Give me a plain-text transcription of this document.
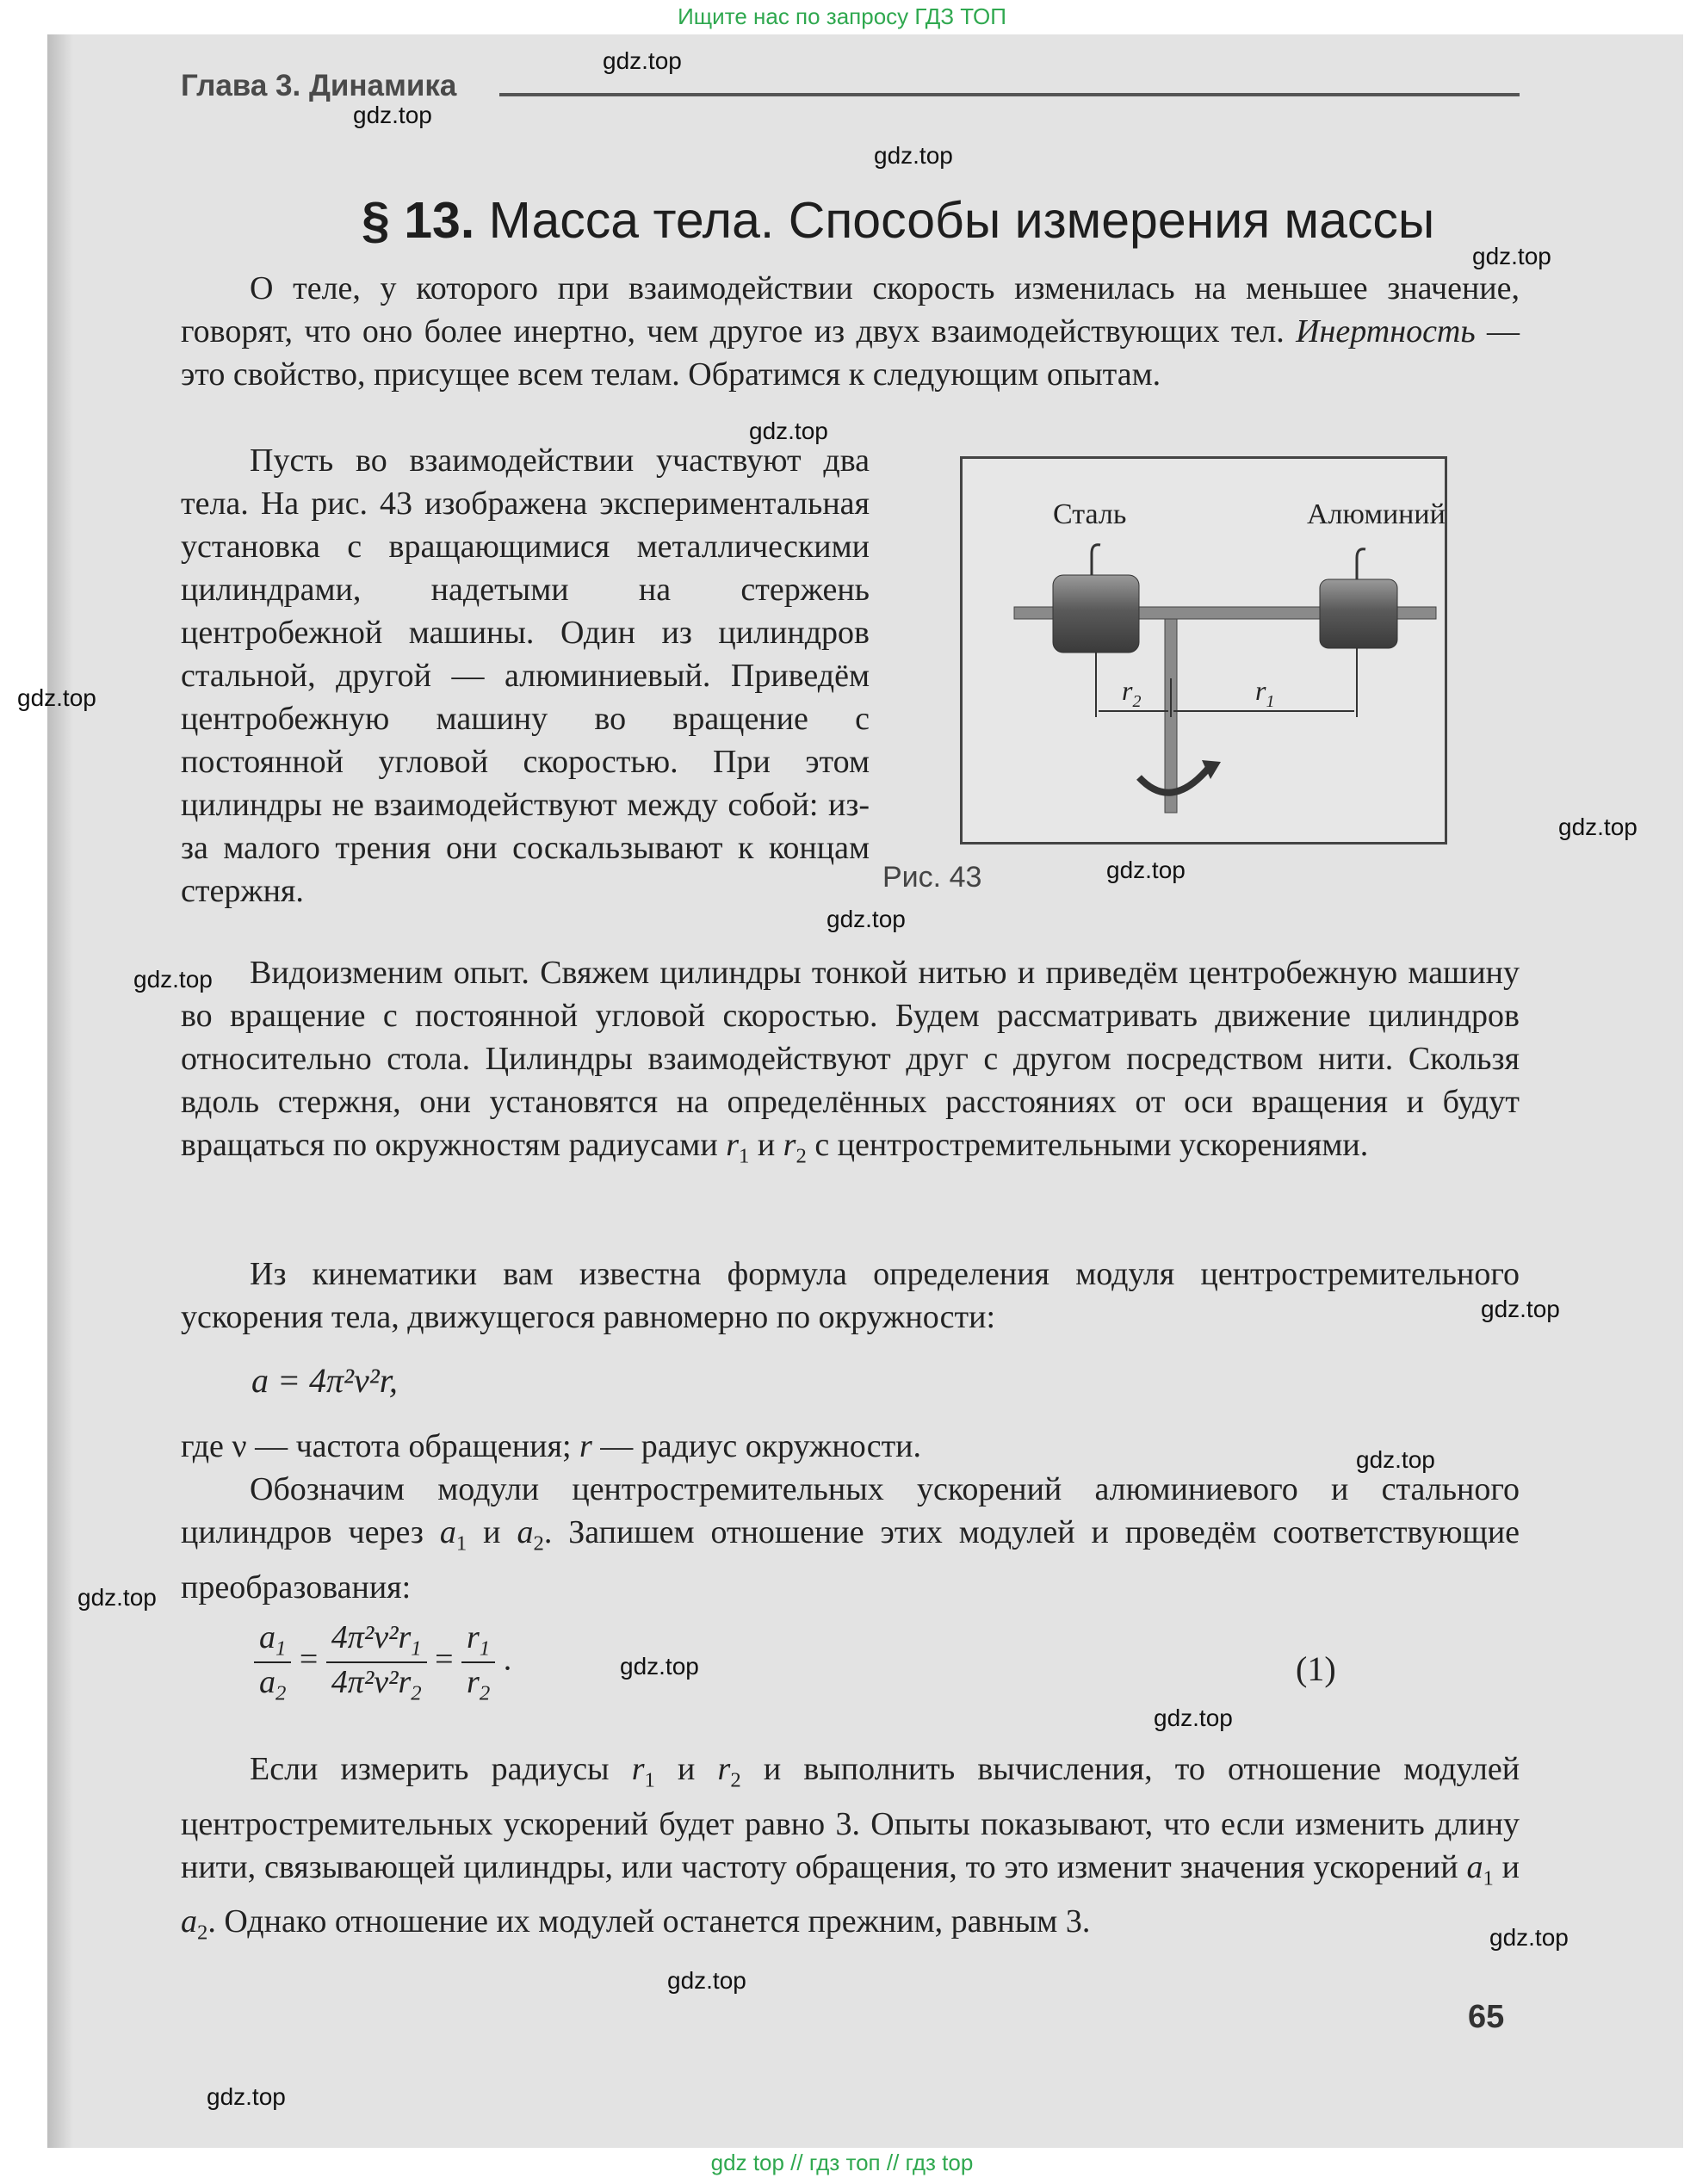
Ищите нас по запросу ГДЗ ТОП
Глава 3. Динамика
§ 13. Масса тела. Способы измерения массы
О теле, у которого при взаимодействии скорость изменилась на меньшее значение, говорят, что оно более инертно, чем другое из двух взаимодействующих тел. Инертность — это свойство, присущее всем телам. Обратимся к следующим опытам.
Пусть во взаимодействии участвуют два тела. На рис. 43 изображена экспериментальная установка с вращающимися металлическими цилиндрами, надетыми на стержень центробежной машины. Один из цилиндров стальной, другой — алюминиевый. Приведём центробежную машину во вращение с постоянной угловой скоростью. При этом цилиндры не взаимодействуют между собой: из-за малого трения они соскальзывают к концам стержня.
Сталь	Алюминий
$r_2$	$r_1$
Рис. 43
Видоизменим опыт. Свяжем цилиндры тонкой нитью и приведём центробежную машину во вращение с постоянной угловой скоростью. Будем рассматривать движение цилиндров относительно стола. Цилиндры взаимодействуют друг с другом посредством нити. Скользя вдоль стержня, они установятся на определённых расстояниях от оси вращения и будут вращаться по окружностям радиусами $r_1$ и $r_2$ с центростремительными ускорениями.
Из кинематики вам известна формула определения модуля центростремительного ускорения тела, движущегося равномерно по окружности:
a = 4π²ν²r,
где ν — частота обращения; r — радиус окружности.
Обозначим модули центростремительных ускорений алюминиевого и стального цилиндров через $a_1$ и $a_2$. Запишем отношение этих модулей и проведём соответствующие преобразования:
$\frac{a_1}{a_2} = \frac{4\pi^2\nu^2r_1}{4\pi^2\nu^2r_2} = \frac{r_1}{r_2}$ .	(1)
Если измерить радиусы $r_1$ и $r_2$ и выполнить вычисления, то отношение модулей центростремительных ускорений будет равно 3. Опыты показывают, что если изменить длину нити, связывающей цилиндры, или частоту обращения, то это изменит значения ускорений $a_1$ и $a_2$. Однако отношение их модулей останется прежним, равным 3.
65
gdz.top
gdz.top
gdz.top
gdz.top
gdz.top
gdz.top
gdz.top
gdz.top
gdz.top
gdz.top
gdz.top
gdz.top
gdz.top
gdz.top
gdz.top
gdz.top
gdz.top
gdz.top
gdz top // гдз топ // гдз top
